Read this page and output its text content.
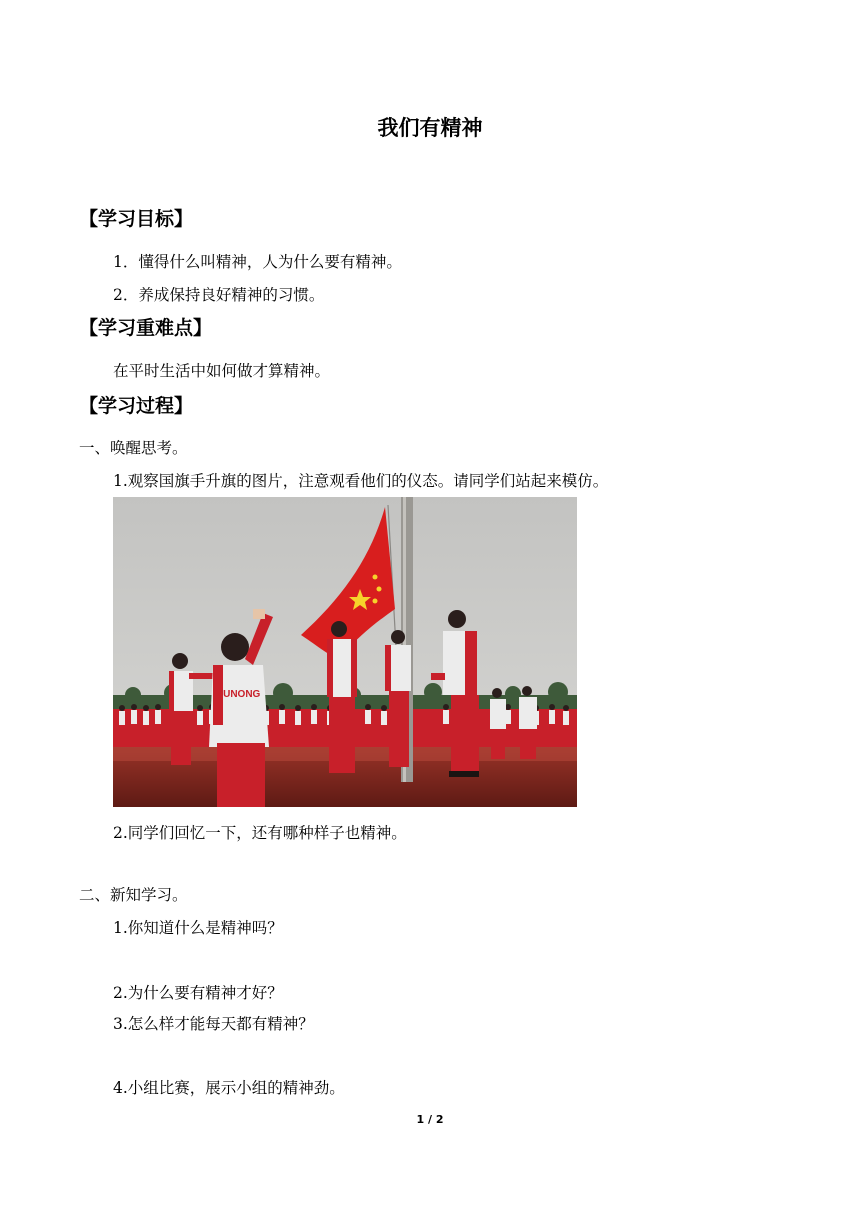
我们有精神
【学习目标】
1．懂得什么叫精神，人为什么要有精神。
2．养成保持良好精神的习惯。
【学习重难点】
在平时生活中如何做才算精神。
【学习过程】
一、唤醒思考。
1.观察国旗手升旗的图片，注意观看他们的仪态。请同学们站起来模仿。
ZUNONG
2.同学们回忆一下，还有哪种样子也精神。
二、新知学习。
1.你知道什么是精神吗？
2.为什么要有精神才好？
3.怎么样才能每天都有精神？
4.小组比赛，展示小组的精神劲。
1 / 2
